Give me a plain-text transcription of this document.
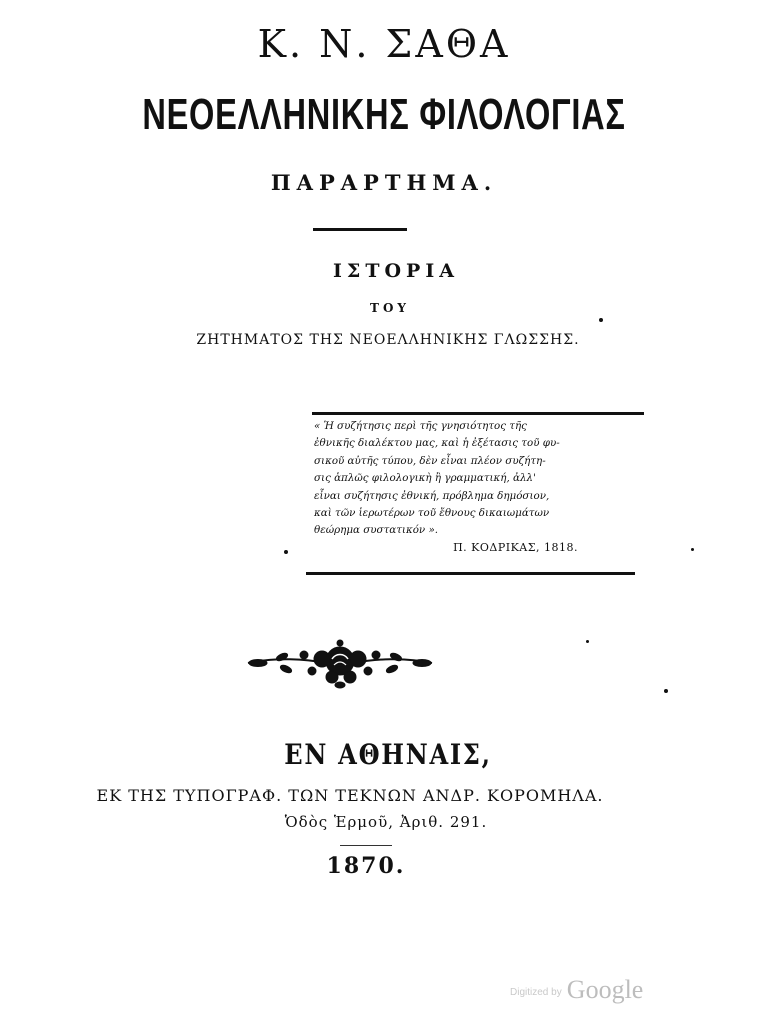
Κ. Ν. ΣΑΘΑ
ΝΕΟΕΛΛΗΝΙΚΗΣ ΦΙΛΟΛΟΓΙΑΣ
ΠΑΡΑΡΤΗΜΑ.
ΙΣΤΟΡΙΑ
ΤΟΥ
ΖΗΤΗΜΑΤΟΣ ΤΗΣ ΝΕΟΕΛΛΗΝΙΚΗΣ ΓΛΩΣΣΗΣ.
« Ἡ συζήτησις περὶ τῆς γνησιότητος τῆς
ἐθνικῆς διαλέκτου μας, καὶ ἡ ἐξέτασις τοῦ φυ-
σικοῦ αὐτῆς τύπου, δὲν εἶναι πλέον συζήτη-
σις ἁπλῶς φιλολογικὴ ἢ γραμματική, ἀλλ'
εἶναι συζήτησις ἐθνική, πρόβλημα δημόσιον,
καὶ τῶν ἱερωτέρων τοῦ ἔθνους δικαιωμάτων
θεώρημα συστατικόν ».
Π. ΚΟΔΡΙΚΑΣ, 1818.
ΕΝ ΑΘΗΝΑΙΣ,
ΕΚ ΤΗΣ ΤΥΠΟΓΡΑΦ. ΤΩΝ ΤΕΚΝΩΝ ΑΝΔΡ. ΚΟΡΟΜΗΛΑ.
Ὁδὸς Ἑρμοῦ, Ἀριθ. 291.
1870.
Digitized by Google
